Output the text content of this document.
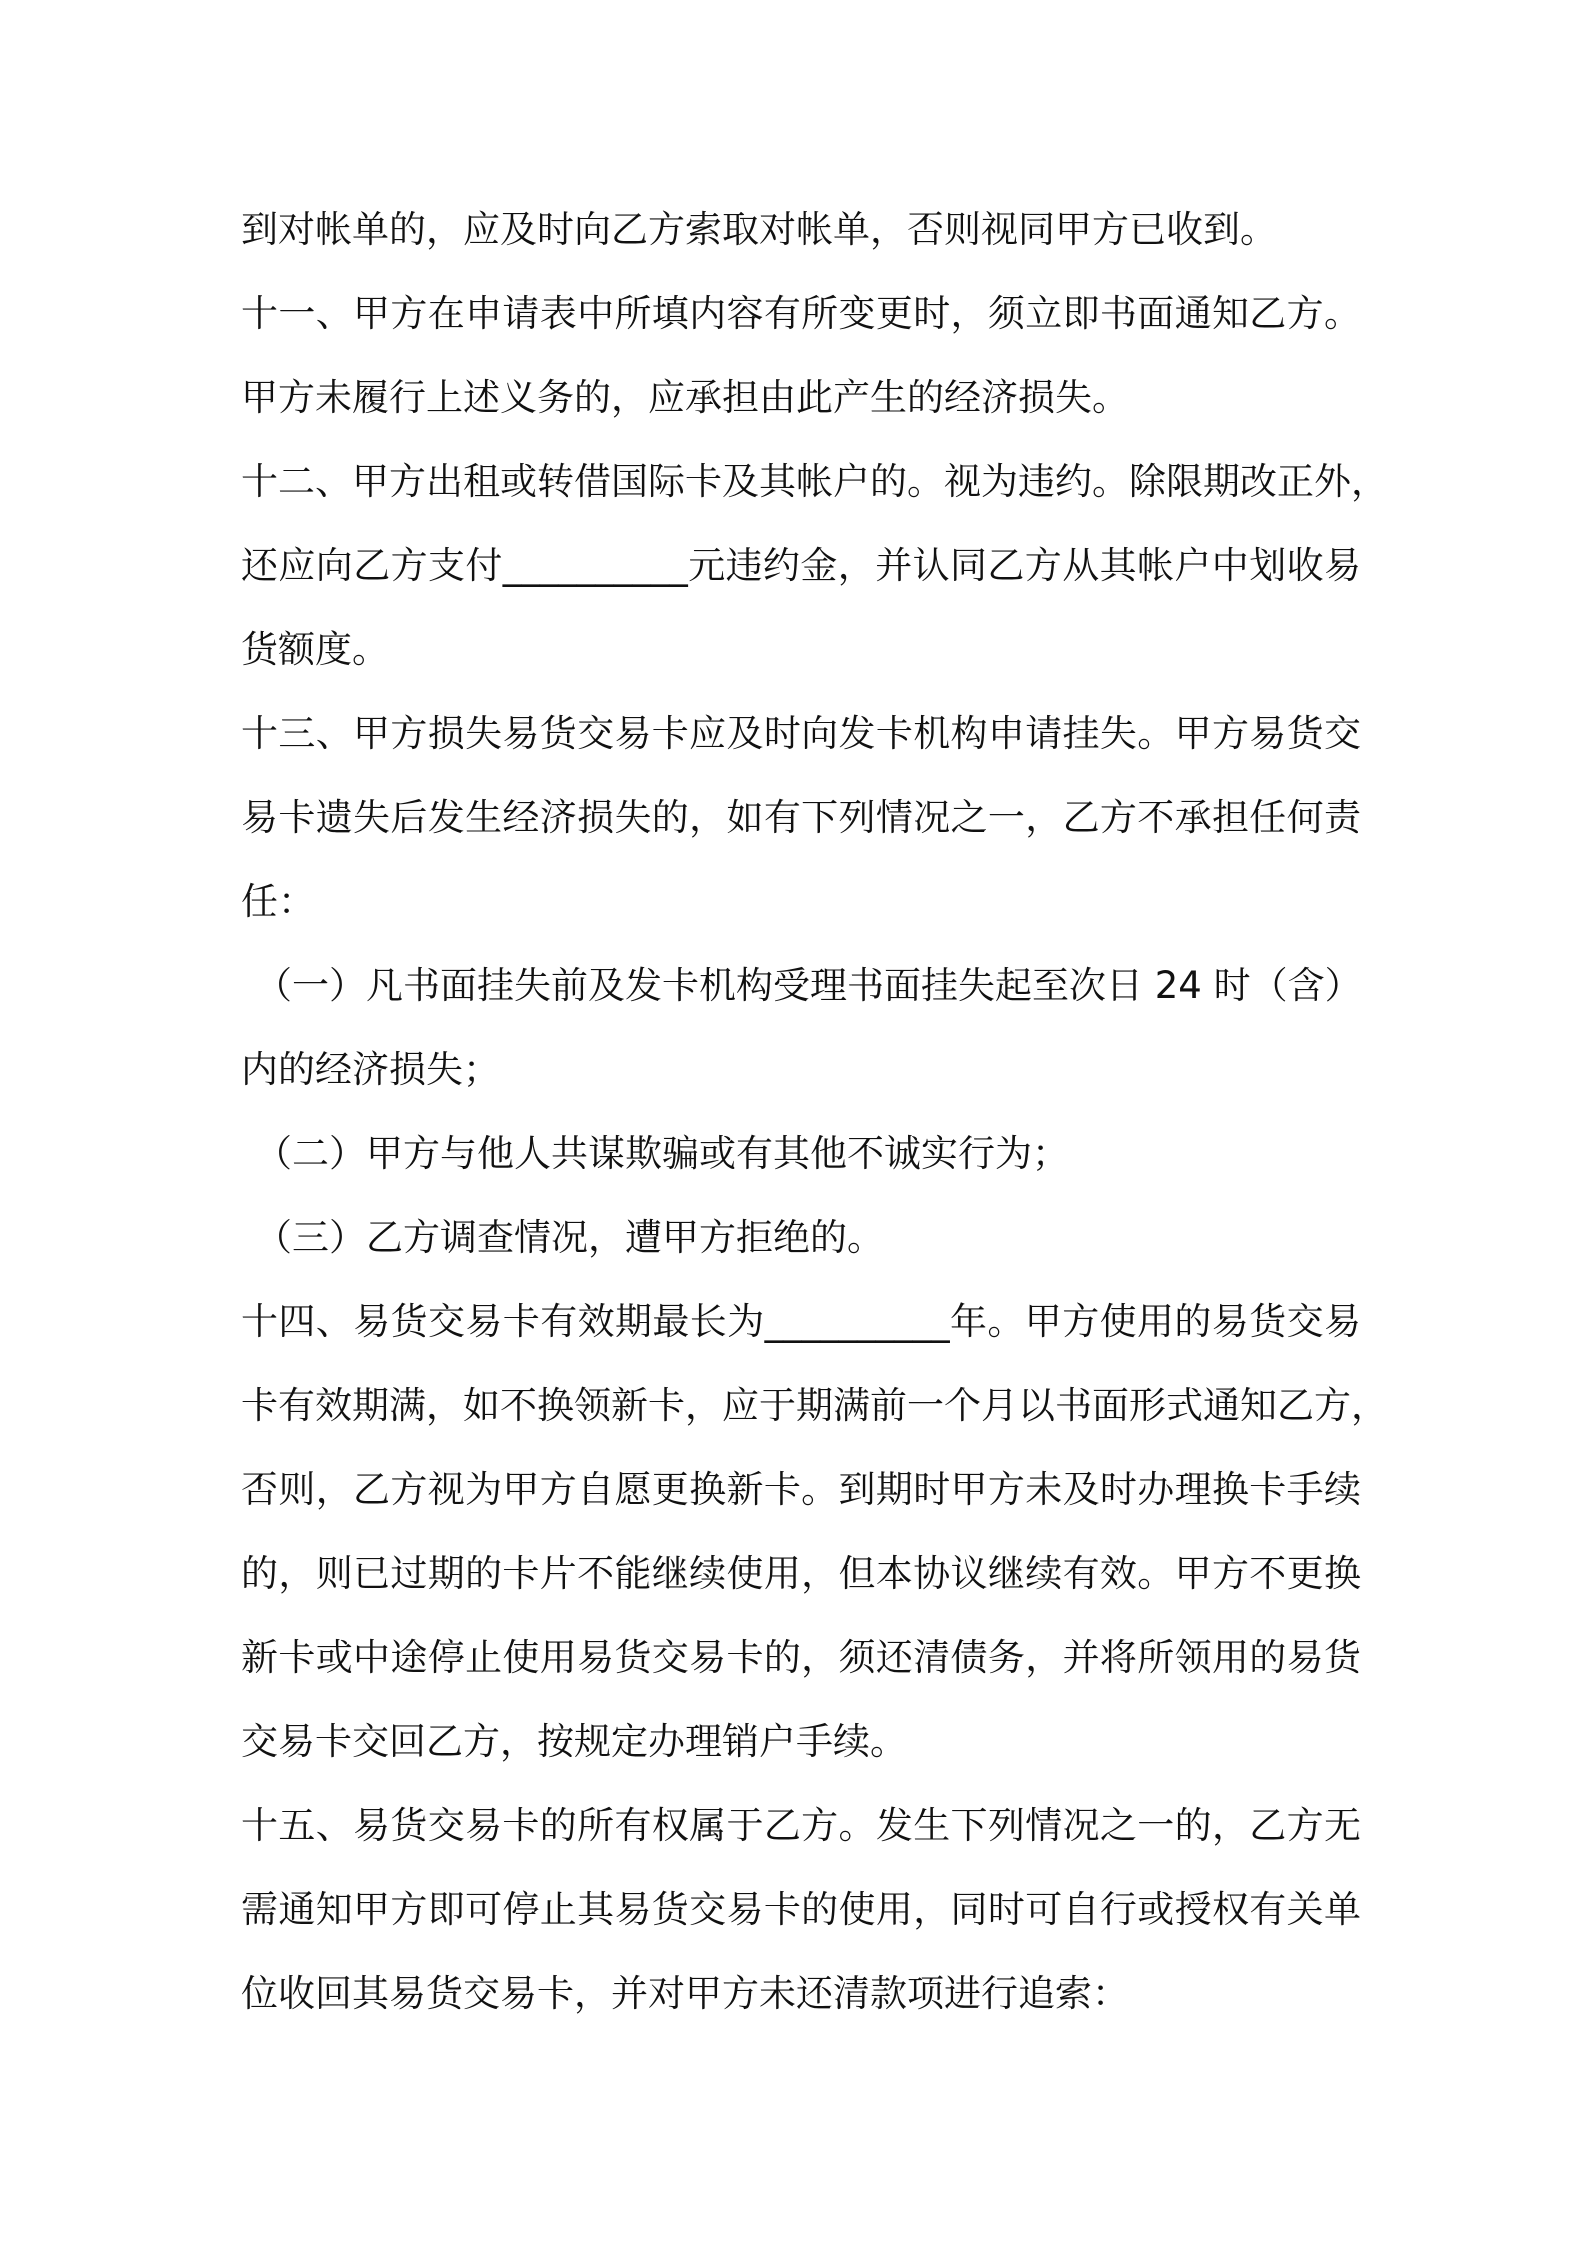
到对帐单的，应及时向乙方索取对帐单，否则视同甲方已收到。
十一、甲方在申请表中所填内容有所变更时，须立即书面通知乙方。
甲方未履行上述义务的，应承担由此产生的经济损失。
十二、甲方出租或转借国际卡及其帐户的。视为违约。除限期改正外，
还应向乙方支付__________元违约金，并认同乙方从其帐户中划收易
货额度。
十三、甲方损失易货交易卡应及时向发卡机构申请挂失。甲方易货交
易卡遗失后发生经济损失的，如有下列情况之一，乙方不承担任何责
任：
（一）凡书面挂失前及发卡机构受理书面挂失起至次日 24 时（含）
内的经济损失；
（二）甲方与他人共谋欺骗或有其他不诚实行为；
（三）乙方调查情况，遭甲方拒绝的。
十四、易货交易卡有效期最长为__________年。甲方使用的易货交易
卡有效期满，如不换领新卡，应于期满前一个月以书面形式通知乙方，
否则，乙方视为甲方自愿更换新卡。到期时甲方未及时办理换卡手续
的，则已过期的卡片不能继续使用，但本协议继续有效。甲方不更换
新卡或中途停止使用易货交易卡的，须还清债务，并将所领用的易货
交易卡交回乙方，按规定办理销户手续。
十五、易货交易卡的所有权属于乙方。发生下列情况之一的，乙方无
需通知甲方即可停止其易货交易卡的使用，同时可自行或授权有关单
位收回其易货交易卡，并对甲方未还清款项进行追索：
